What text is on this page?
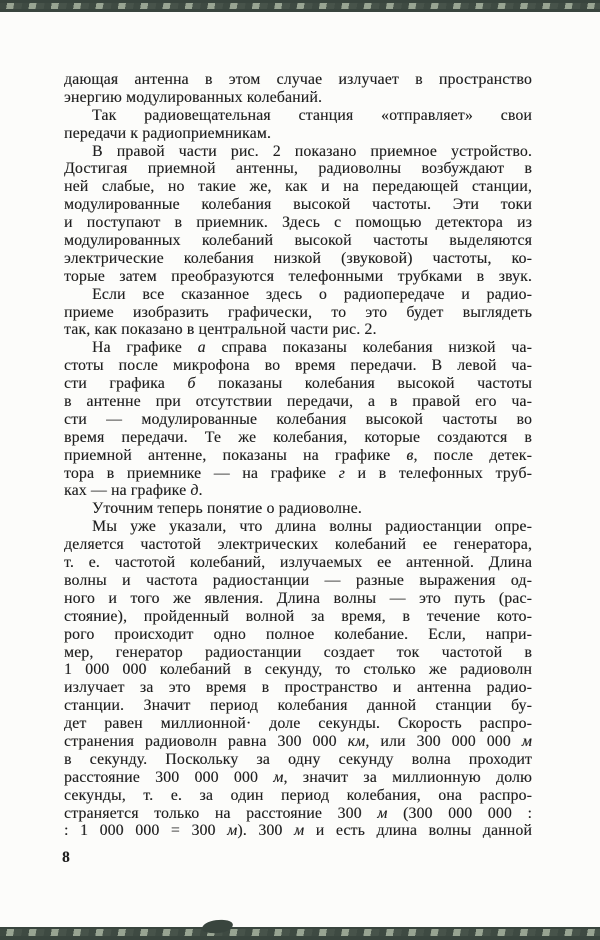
дающая антенна в этом случае излучает в пространство
энергию модулированных колебаний.
Так радиовещательная станция «отправляет» свои
передачи к радиоприемникам.
В правой части рис. 2 показано приемное устройство.
Достигая приемной антенны, радиоволны возбуждают в
ней слабые, но такие же, как и на передающей станции,
модулированные колебания высокой частоты. Эти токи
и поступают в приемник. Здесь с помощью детектора из
модулированных колебаний высокой частоты выделяются
электрические колебания низкой (звуковой) частоты, ко-
торые затем преобразуются телефонными трубками в звук.
Если все сказанное здесь о радиопередаче и радио-
приеме изобразить графически, то это будет выглядеть
так, как показано в центральной части рис. 2.
На графике а справа показаны колебания низкой ча-
стоты после микрофона во время передачи. В левой ча-
сти графика б показаны колебания высокой частоты
в антенне при отсутствии передачи, а в правой его ча-
сти — модулированные колебания высокой частоты во
время передачи. Те же колебания, которые создаются в
приемной антенне, показаны на графике в, после детек-
тора в приемнике — на графике г и в телефонных труб-
ках — на графике д.
Уточним теперь понятие о радиоволне.
Мы уже указали, что длина волны радиостанции опре-
деляется частотой электрических колебаний ее генератора,
т. е. частотой колебаний, излучаемых ее антенной. Длина
волны и частота радиостанции — разные выражения од-
ного и того же явления. Длина волны — это путь (рас-
стояние), пройденный волной за время, в течение кото-
рого происходит одно полное колебание. Если, напри-
мер, генератор радиостанции создает ток частотой в
1 000 000 колебаний в секунду, то столько же радиоволн
излучает за это время в пространство и антенна радио-
станции. Значит период колебания данной станции бу-
дет равен миллионной· доле секунды. Скорость распро-
странения радиоволн равна 300 000 км, или 300 000 000 м
в секунду. Поскольку за одну секунду волна проходит
расстояние 300 000 000 м, значит за миллионную долю
секунды, т. е. за один период колебания, она распро-
страняется только на расстояние 300 м (300 000 000 :
: 1 000 000 = 300 м). 300 м и есть длина волны данной
8
